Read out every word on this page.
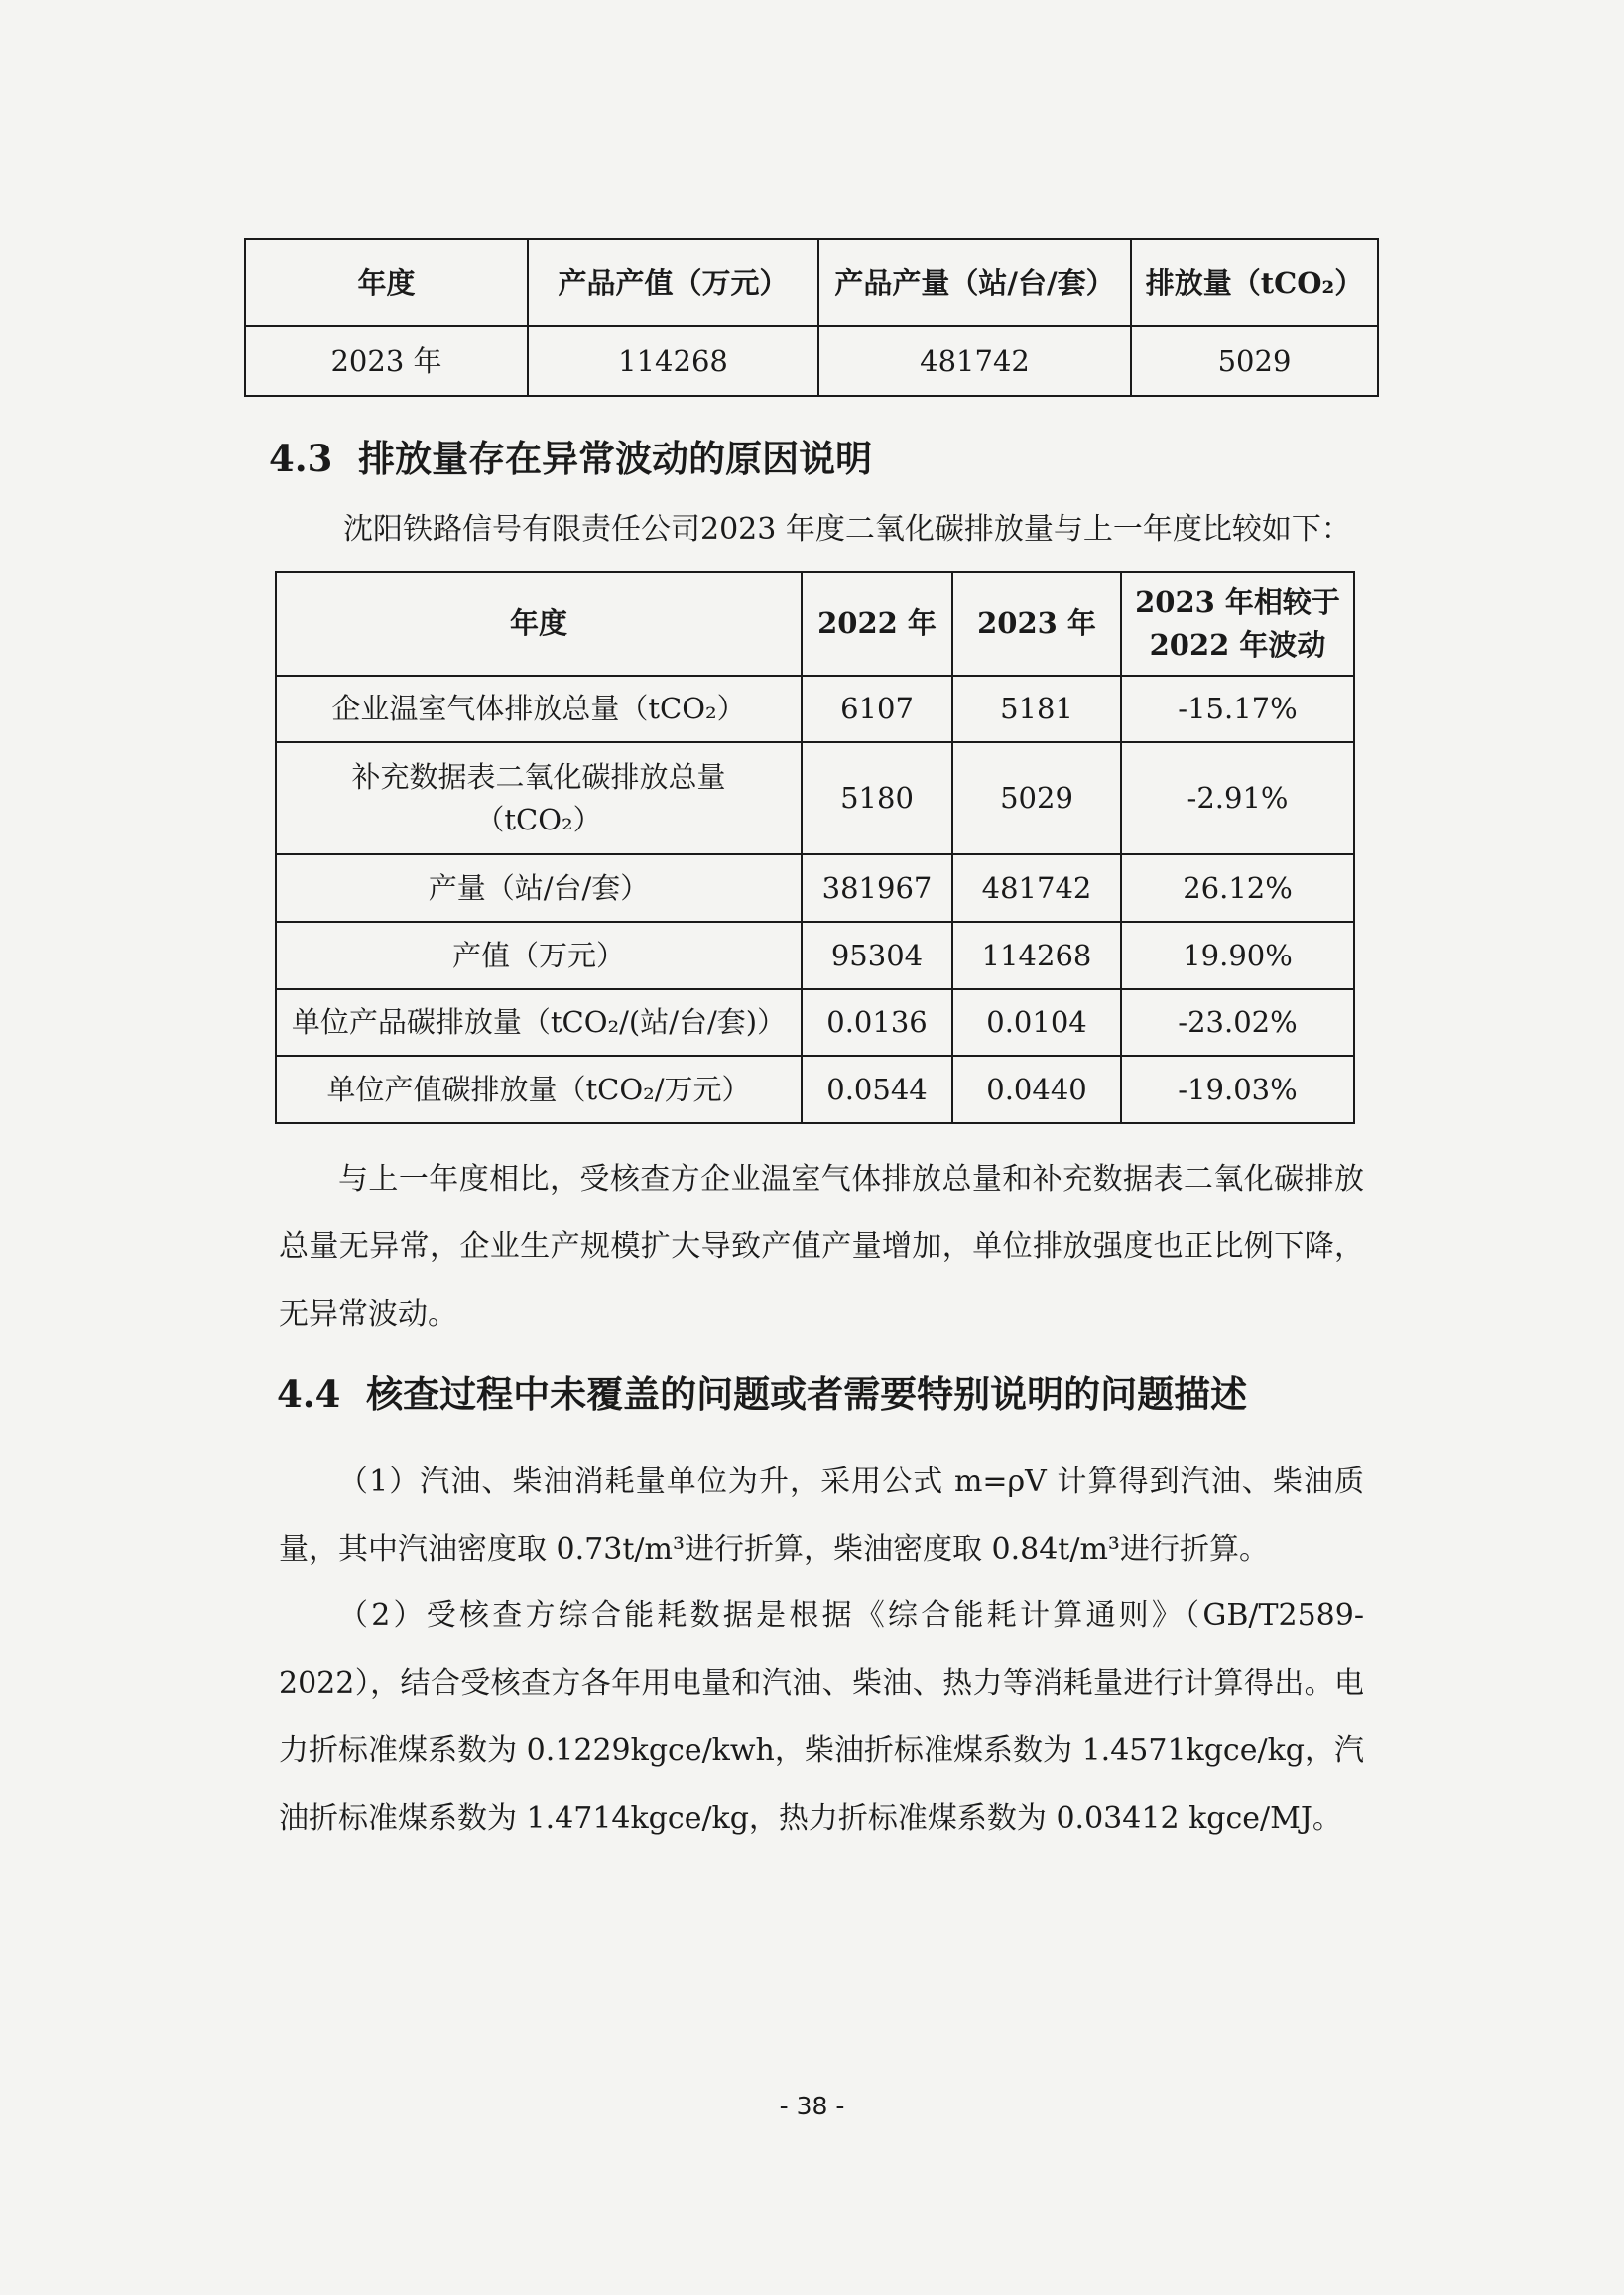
年度	产品产值（万元）	产品产量（站/台/套）	排放量（tCO₂）
2023 年	114268	481742	5029
4.3 排放量存在异常波动的原因说明

沈阳铁路信号有限责任公司2023 年度二氧化碳排放量与上一年度比较如下：

年度	2022 年	2023 年	2023 年相较于 2022 年波动
企业温室气体排放总量（tCO₂）	6107	5181	-15.17%
补充数据表二氧化碳排放总量（tCO₂）	5180	5029	-2.91%
产量（站/台/套）	381967	481742	26.12%
产值（万元）	95304	114268	19.90%
单位产品碳排放量（tCO₂/(站/台/套)）	0.0136	0.0104	-23.02%
单位产值碳排放量（tCO₂/万元）	0.0544	0.0440	-19.03%

与上一年度相比，受核查方企业温室气体排放总量和补充数据表二氧化碳排放总量无异常，企业生产规模扩大导致产值产量增加，单位排放强度也正比例下降，无异常波动。

4.4 核查过程中未覆盖的问题或者需要特别说明的问题描述

（1）汽油、柴油消耗量单位为升，采用公式 m=ρV 计算得到汽油、柴油质量，其中汽油密度取 0.73t/m³进行折算，柴油密度取 0.84t/m³进行折算。

（2）受核查方综合能耗数据是根据《综合能耗计算通则》（GB/T2589-2022），结合受核查方各年用电量和汽油、柴油、热力等消耗量进行计算得出。电力折标准煤系数为 0.1229kgce/kwh，柴油折标准煤系数为 1.4571kgce/kg，汽油折标准煤系数为 1.4714kgce/kg，热力折标准煤系数为 0.03412 kgce/MJ。

- 38 -
